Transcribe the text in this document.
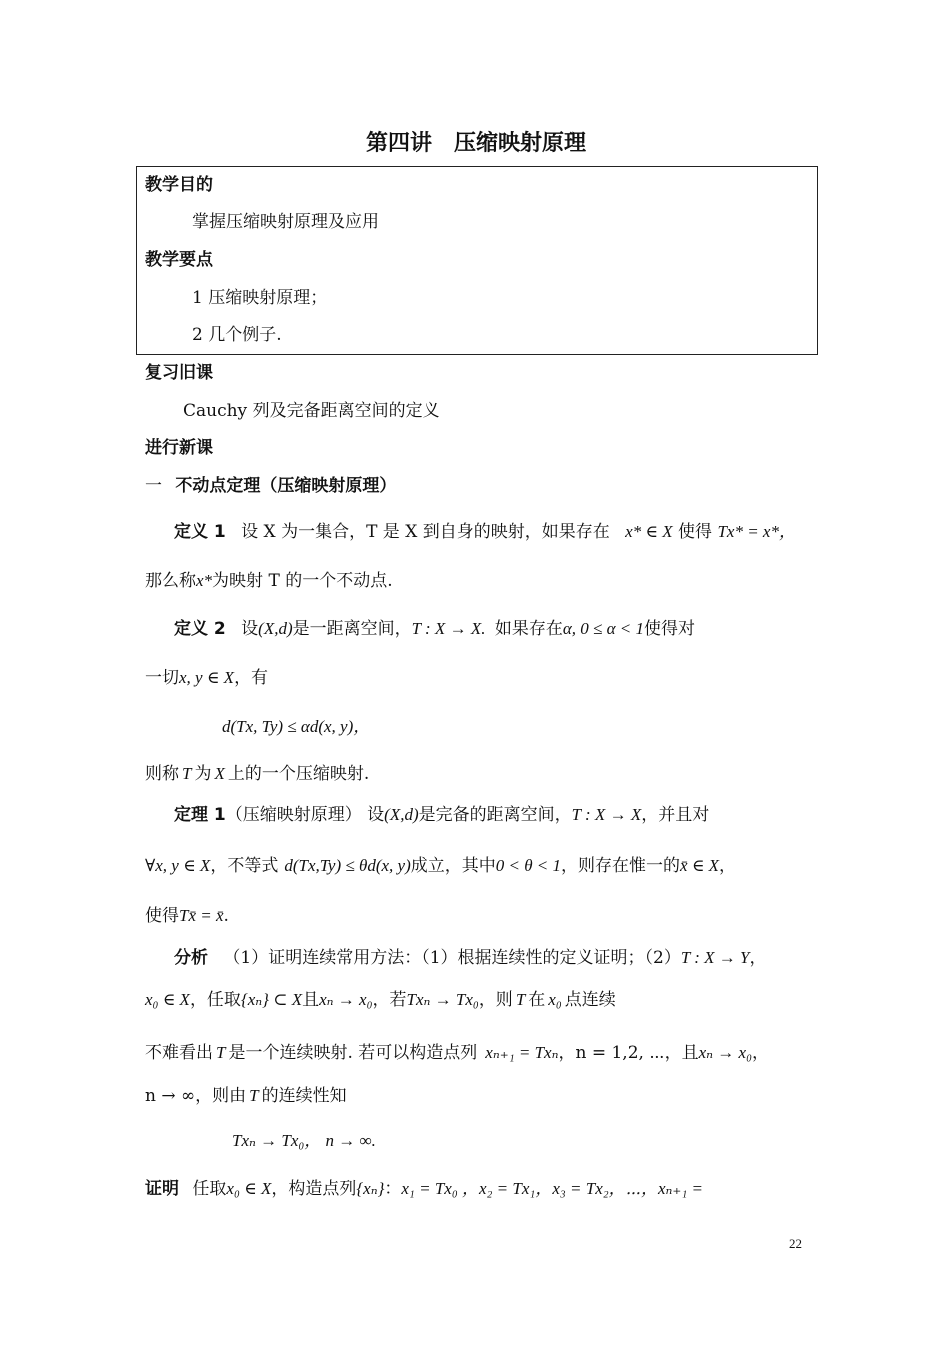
第四讲　压缩映射原理
教学目的
掌握压缩映射原理及应用
教学要点
1 压缩映射原理；
2 几个例子.
复习旧课
Cauchy 列及完备距离空间的定义
进行新课
一 不动点定理（压缩映射原理）
定义 1 设 X 为一集合，T 是 X 到自身的映射，如果存在 x* ∈ X 使得 Tx* = x*，
那么称x*为映射 T 的一个不动点.
定义 2 设(X,d)是一距离空间，T : X → X. 如果存在α, 0 ≤ α < 1使得对
一切x, y ∈ X，有
d(Tx, Ty) ≤ αd(x, y)，
则称 T 为 X 上的一个压缩映射.
定理 1（压缩映射原理） 设(X,d)是完备的距离空间，T : X → X，并且对
∀x, y ∈ X，不等式 d(Tx,Ty) ≤ θd(x, y)成立，其中0 < θ < 1，则存在惟一的x̄ ∈ X，
使得Tx̄ = x̄.
分析 （1）证明连续常用方法：（1）根据连续性的定义证明；（2）T : X → Y，
x₀ ∈ X，任取{xₙ} ⊂ X且xₙ → x₀，若Txₙ → Tx₀，则 T 在 x₀ 点连续
不难看出 T 是一个连续映射. 若可以构造点列 xₙ₊₁ = Txₙ，n = 1,2, ⋯，且xₙ → x₀，
n → ∞，则由 T 的连续性知
Txₙ → Tx₀， n → ∞.
证明 任取x₀ ∈ X，构造点列{xₙ}：x₁ = Tx₀ ，x₂ = Tx₁，x₃ = Tx₂，⋯，xₙ₊₁ =
22
